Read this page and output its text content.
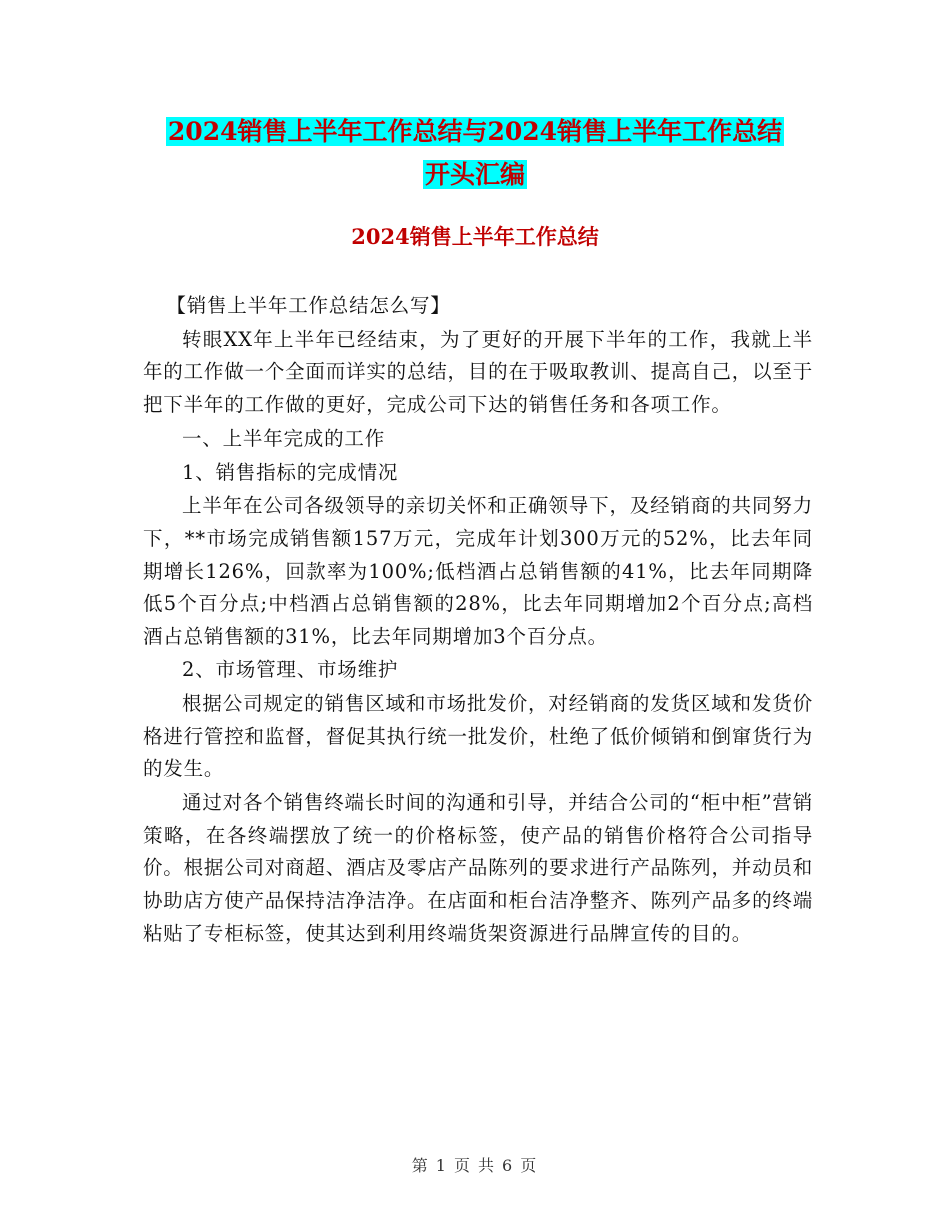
2024销售上半年工作总结与2024销售上半年工作总结
开头汇编
2024销售上半年工作总结

【销售上半年工作总结怎么写】

转眼XX年上半年已经结束，为了更好的开展下半年的工作，我就上半年的工作做一个全面而详实的总结，目的在于吸取教训、提高自己，以至于把下半年的工作做的更好，完成公司下达的销售任务和各项工作。

一、上半年完成的工作

1、销售指标的完成情况

上半年在公司各级领导的亲切关怀和正确领导下，及经销商的共同努力下，**市场完成销售额157万元，完成年计划300万元的52%，比去年同期增长126%，回款率为100%;低档酒占总销售额的41%，比去年同期降低5个百分点;中档酒占总销售额的28%，比去年同期增加2个百分点;高档酒占总销售额的31%，比去年同期增加3个百分点。

2、市场管理、市场维护

根据公司规定的销售区域和市场批发价，对经销商的发货区域和发货价格进行管控和监督，督促其执行统一批发价，杜绝了低价倾销和倒窜货行为的发生。

通过对各个销售终端长时间的沟通和引导，并结合公司的“柜中柜”营销策略，在各终端摆放了统一的价格标签，使产品的销售价格符合公司指导价。根据公司对商超、酒店及零店产品陈列的要求进行产品陈列，并动员和协助店方使产品保持洁净洁净。在店面和柜台洁净整齐、陈列产品多的终端粘贴了专柜标签，使其达到利用终端货架资源进行品牌宣传的目的。

第 1 页 共 6 页
